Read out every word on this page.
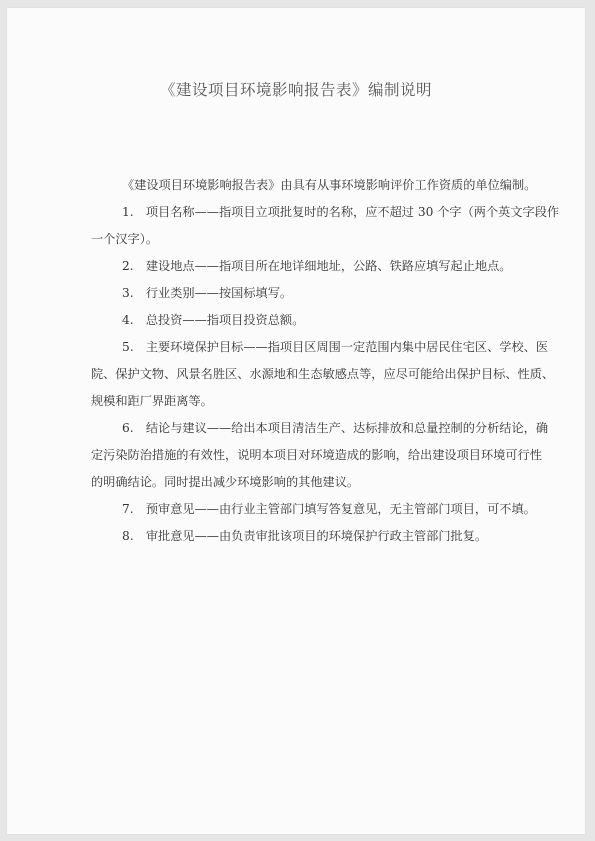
《建设项目环境影响报告表》编制说明
《建设项目环境影响报告表》由具有从事环境影响评价工作资质的单位编制。
1.　项目名称——指项目立项批复时的名称，应不超过 30 个字（两个英文字段作
一个汉字）。
2.　建设地点——指项目所在地详细地址，公路、铁路应填写起止地点。
3.　行业类别——按国标填写。
4.　总投资——指项目投资总额。
5.　主要环境保护目标——指项目区周围一定范围内集中居民住宅区、学校、医
院、保护文物、风景名胜区、水源地和生态敏感点等，应尽可能给出保护目标、性质、
规模和距厂界距离等。
6.　结论与建议——给出本项目清洁生产、达标排放和总量控制的分析结论，确
定污染防治措施的有效性，说明本项目对环境造成的影响，给出建设项目环境可行性
的明确结论。同时提出减少环境影响的其他建议。
7.　预审意见——由行业主管部门填写答复意见，无主管部门项目，可不填。
8.　审批意见——由负责审批该项目的环境保护行政主管部门批复。
